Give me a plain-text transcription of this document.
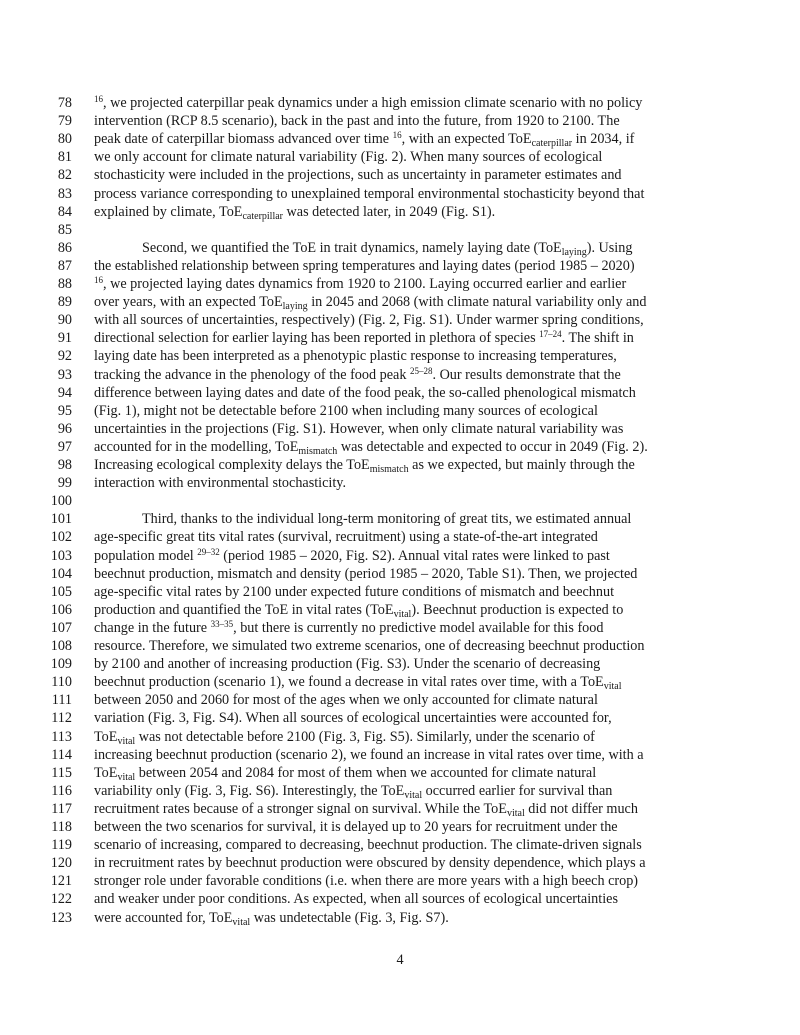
78 $^{16}$, we projected caterpillar peak dynamics under a high emission climate scenario with no policy
79 intervention (RCP 8.5 scenario), back in the past and into the future, from 1920 to 2100. The
80 peak date of caterpillar biomass advanced over time $^{16}$, with an expected ToE$_{caterpillar}$ in 2034, if
81 we only account for climate natural variability (Fig. 2). When many sources of ecological
82 stochasticity were included in the projections, such as uncertainty in parameter estimates and
83 process variance corresponding to unexplained temporal environmental stochasticity beyond that
84 explained by climate, ToE$_{caterpillar}$ was detected later, in 2049 (Fig. S1).
85
86	Second, we quantified the ToE in trait dynamics, namely laying date (ToE$_{laying}$). Using
87 the established relationship between spring temperatures and laying dates (period 1985 – 2020)
88 $^{16}$, we projected laying dates dynamics from 1920 to 2100. Laying occurred earlier and earlier
89 over years, with an expected ToE$_{laying}$ in 2045 and 2068 (with climate natural variability only and
90 with all sources of uncertainties, respectively) (Fig. 2, Fig. S1). Under warmer spring conditions,
91 directional selection for earlier laying has been reported in plethora of species $^{17-24}$. The shift in
92 laying date has been interpreted as a phenotypic plastic response to increasing temperatures,
93 tracking the advance in the phenology of the food peak $^{25-28}$. Our results demonstrate that the
94 difference between laying dates and date of the food peak, the so-called phenological mismatch
95 (Fig. 1), might not be detectable before 2100 when including many sources of ecological
96 uncertainties in the projections (Fig. S1). However, when only climate natural variability was
97 accounted for in the modelling, ToE$_{mismatch}$ was detectable and expected to occur in 2049 (Fig. 2).
98 Increasing ecological complexity delays the ToE$_{mismatch}$ as we expected, but mainly through the
99 interaction with environmental stochasticity.
100
101	Third, thanks to the individual long-term monitoring of great tits, we estimated annual
102 age-specific great tits vital rates (survival, recruitment) using a state-of-the-art integrated
103 population model $^{29-32}$ (period 1985 – 2020, Fig. S2). Annual vital rates were linked to past
104 beechnut production, mismatch and density (period 1985 – 2020, Table S1). Then, we projected
105 age-specific vital rates by 2100 under expected future conditions of mismatch and beechnut
106 production and quantified the ToE in vital rates (ToE$_{vital}$). Beechnut production is expected to
107 change in the future $^{33-35}$, but there is currently no predictive model available for this food
108 resource. Therefore, we simulated two extreme scenarios, one of decreasing beechnut production
109 by 2100 and another of increasing production (Fig. S3). Under the scenario of decreasing
110 beechnut production (scenario 1), we found a decrease in vital rates over time, with a ToE$_{vital}$
111 between 2050 and 2060 for most of the ages when we only accounted for climate natural
112 variation (Fig. 3, Fig. S4). When all sources of ecological uncertainties were accounted for,
113 ToE$_{vital}$ was not detectable before 2100 (Fig. 3, Fig. S5). Similarly, under the scenario of
114 increasing beechnut production (scenario 2), we found an increase in vital rates over time, with a
115 ToE$_{vital}$ between 2054 and 2084 for most of them when we accounted for climate natural
116 variability only (Fig. 3, Fig. S6). Interestingly, the ToE$_{vital}$ occurred earlier for survival than
117 recruitment rates because of a stronger signal on survival. While the ToE$_{vital}$ did not differ much
118 between the two scenarios for survival, it is delayed up to 20 years for recruitment under the
119 scenario of increasing, compared to decreasing, beechnut production. The climate-driven signals
120 in recruitment rates by beechnut production were obscured by density dependence, which plays a
121 stronger role under favorable conditions (i.e. when there are more years with a high beech crop)
122 and weaker under poor conditions. As expected, when all sources of ecological uncertainties
123 were accounted for, ToE$_{vital}$ was undetectable (Fig. 3, Fig. S7).
4
